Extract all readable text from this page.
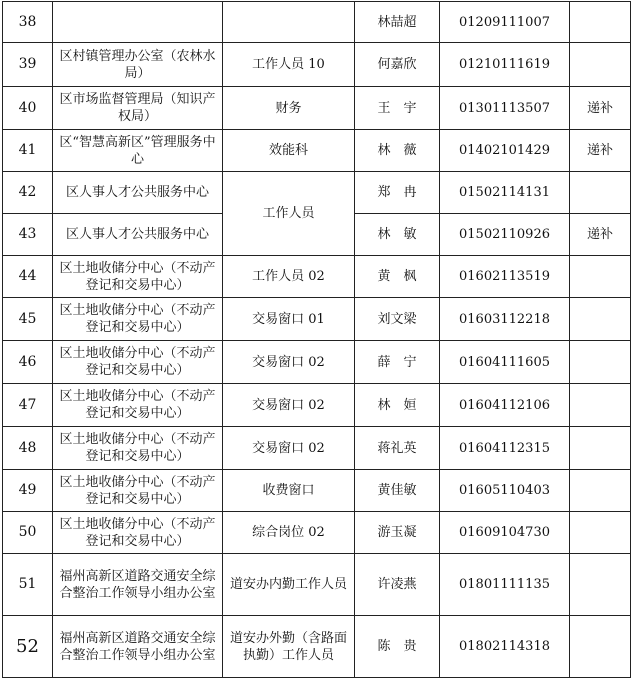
38			林喆超	01209111007	
39	区村镇管理办公室（农林水局）	工作人员 10	何嘉欣	01210111619	
40	区市场监督管理局（知识产权局）	财务	王　宇	01301113507	递补
41	区“智慧高新区”管理服务中心	效能科	林　薇	01402101429	递补
42	区人事人才公共服务中心	工作人员	郑　冉	01502114131	
43	区人事人才公共服务中心		林　敏	01502110926	递补
44	区土地收储分中心（不动产登记和交易中心）	工作人员 02	黄　枫	01602113519	
45	区土地收储分中心（不动产登记和交易中心）	交易窗口 01	刘文梁	01603112218	
46	区土地收储分中心（不动产登记和交易中心）	交易窗口 02	薛　宁	01604111605	
47	区土地收储分中心（不动产登记和交易中心）	交易窗口 02	林　姮	01604112106	
48	区土地收储分中心（不动产登记和交易中心）	交易窗口 02	蒋礼英	01604112315	
49	区土地收储分中心（不动产登记和交易中心）	收费窗口	黄佳敏	01605110403	
50	区土地收储分中心（不动产登记和交易中心）	综合岗位 02	游玉凝	01609104730	
51	福州高新区道路交通安全综合整治工作领导小组办公室	道安办内勤工作人员	许凌燕	01801111135	
52	福州高新区道路交通安全综合整治工作领导小组办公室	道安办外勤（含路面执勤）工作人员	陈　贵	01802114318	
